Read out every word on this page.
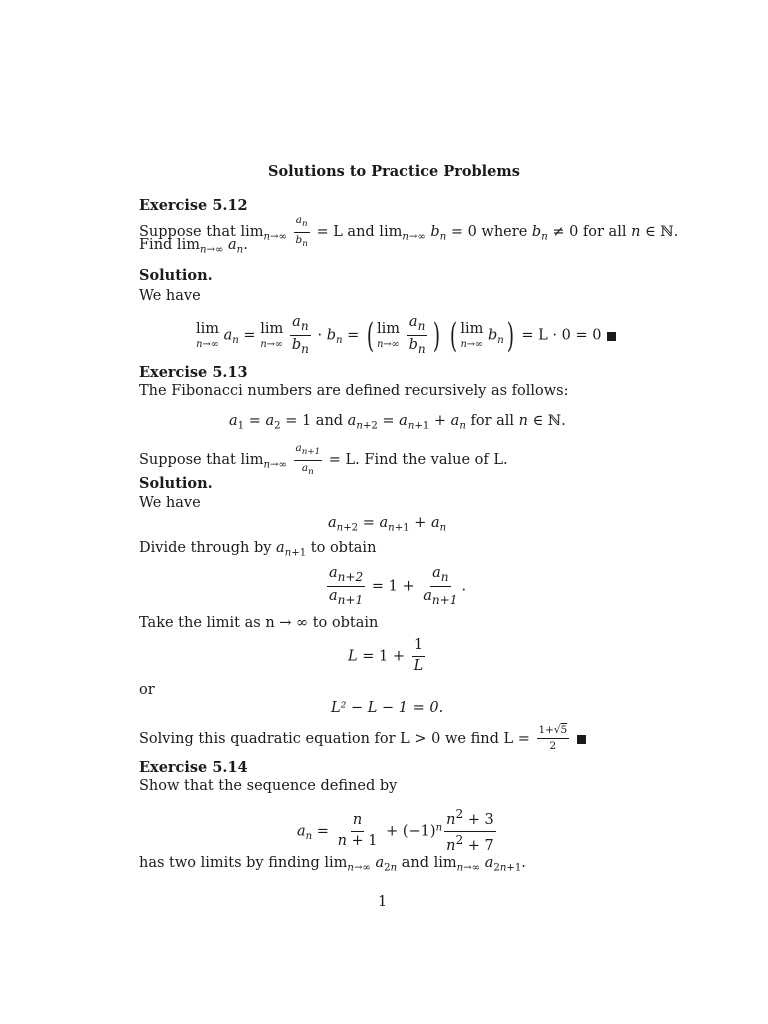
Solutions to Practice Problems
Exercise 5.12
Suppose that $\lim_{n\to\infty} \frac{a_n}{b_n} = L$ and $\lim_{n\to\infty} b_n = 0$ where $b_n \ne 0$ for all n ∈ ℕ.
Find $\lim_{n\to\infty} a_n$.
Solution.
We have
lim
n→∞
$a_n = \lim$
n→∞
$\frac{a_n}{b_n} \cdot b_n$ = ( lim
n→∞
$\frac{a_n}{b_n}$ ) ( lim
n→∞
$b_n) = L \cdot 0 = 0$
Exercise 5.13
The Fibonacci numbers are defined recursively as follows:
$a_1 = a_2 = 1$ and $a_{n+2} = a_{n+1} + a_n$ for all n ∈ ℕ.
Suppose that $\lim_{n\to\infty} \frac{a_{n+1}}{a_n} = L$. Find the value of L.
Solution.
We have
$a_{n+2} = a_{n+1} + a_n$
Divide through by $a_{n+1}$ to obtain
$\frac{a_{n+2}}{a_{n+1}} = 1 + \frac{a_n}{a_{n+1}}$ .
Take the limit as n → ∞ to obtain
$L = 1 + \frac{1}{L}$
or
L² − L − 1 = 0.
Solving this quadratic equation for L > 0 we find $L = \frac{1+√5}{2}$
Exercise 5.14
Show that the sequence defined by
$a_n = \frac{n}{n + 1} + (-1)^n \frac{n^2 + 3}{n^2 + 7}$
has two limits by finding $\lim_{n\to\infty} a_{2n}$ and $\lim_{n\to\infty} a_{2n+1}$.
1
